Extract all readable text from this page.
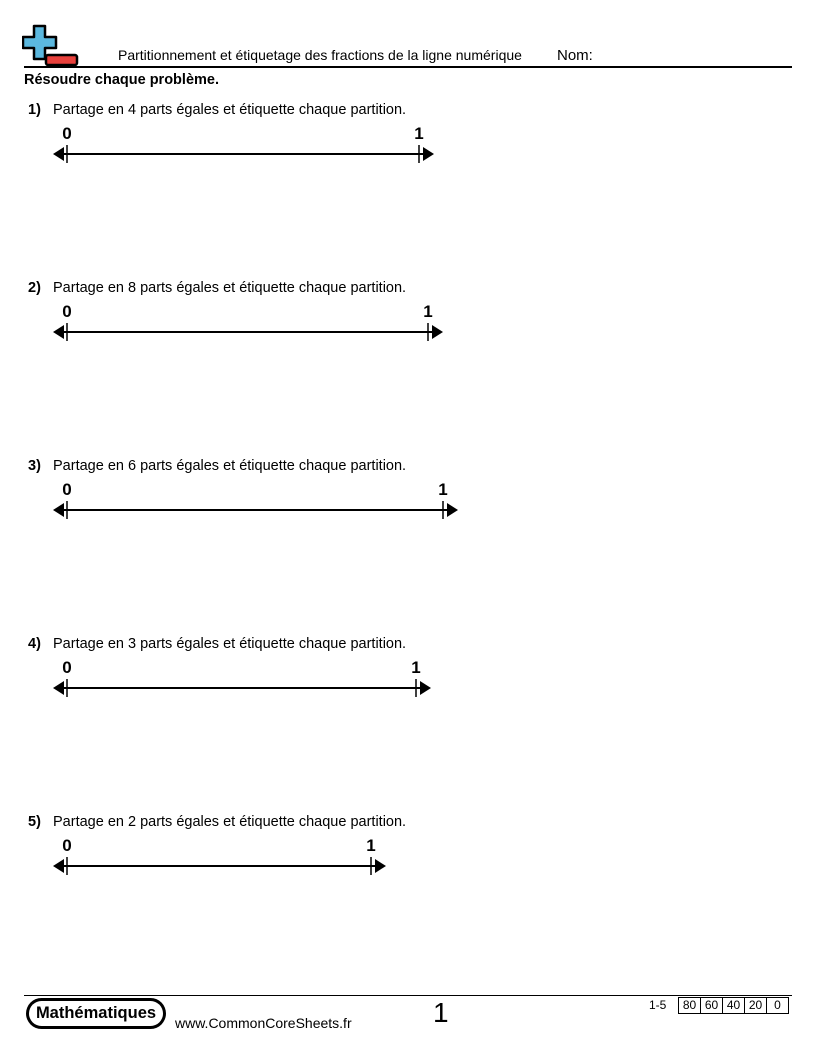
Partitionnement et étiquetage des fractions de la ligne numérique Nom:
Résoudre chaque problème.
1) Partage en 4 parts égales et étiquette chaque partition.
0	1
2) Partage en 8 parts égales et étiquette chaque partition.
0	1
3) Partage en 6 parts égales et étiquette chaque partition.
0	1
4) Partage en 3 parts égales et étiquette chaque partition.
0	1
5) Partage en 2 parts égales et étiquette chaque partition.
0	1
Mathématiques
www.CommonCoreSheets.fr	1	1-5	80 60 40 20 0
